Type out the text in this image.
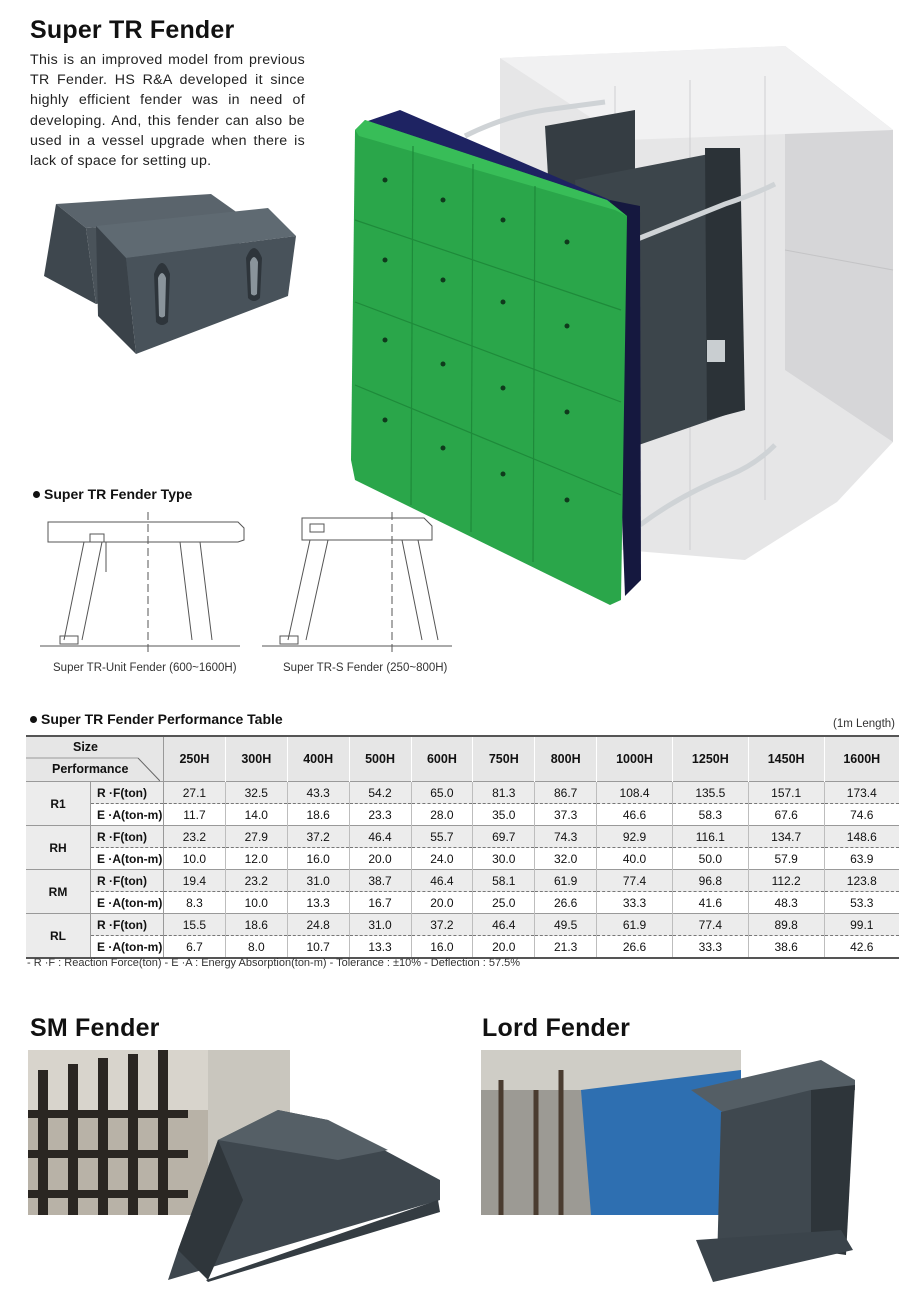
Super TR Fender
This is an improved model from previous TR Fender. HS R&A developed it since highly efficient fender was in need of developing. And, this fender can also be used in a vessel upgrade when there is lack of space for setting up.
Super TR Fender Type
Super TR-Unit Fender (600~1600H)	Super TR-S Fender (250~800H)
Super TR Fender Performance Table	(1m Length)
Size
Performance		250H	300H	400H	500H	600H	750H	800H	1000H	1250H	1450H	1600H
R1	R ·F(ton)	27.1	32.5	43.3	54.2	65.0	81.3	86.7	108.4	135.5	157.1	173.4
	E ·A(ton-m)	11.7	14.0	18.6	23.3	28.0	35.0	37.3	46.6	58.3	67.6	74.6
RH	R ·F(ton)	23.2	27.9	37.2	46.4	55.7	69.7	74.3	92.9	116.1	134.7	148.6
	E ·A(ton-m)	10.0	12.0	16.0	20.0	24.0	30.0	32.0	40.0	50.0	57.9	63.9
RM	R ·F(ton)	19.4	23.2	31.0	38.7	46.4	58.1	61.9	77.4	96.8	112.2	123.8
	E ·A(ton-m)	8.3	10.0	13.3	16.7	20.0	25.0	26.6	33.3	41.6	48.3	53.3
RL	R ·F(ton)	15.5	18.6	24.8	31.0	37.2	46.4	49.5	61.9	77.4	89.8	99.1
	E ·A(ton-m)	6.7	8.0	10.7	13.3	16.0	20.0	21.3	26.6	33.3	38.6	42.6
- R ·F : Reaction Force(ton) - E ·A : Energy Absorption(ton-m) - Tolerance : ±10% - Deflection : 57.5%
SM Fender	Lord Fender
